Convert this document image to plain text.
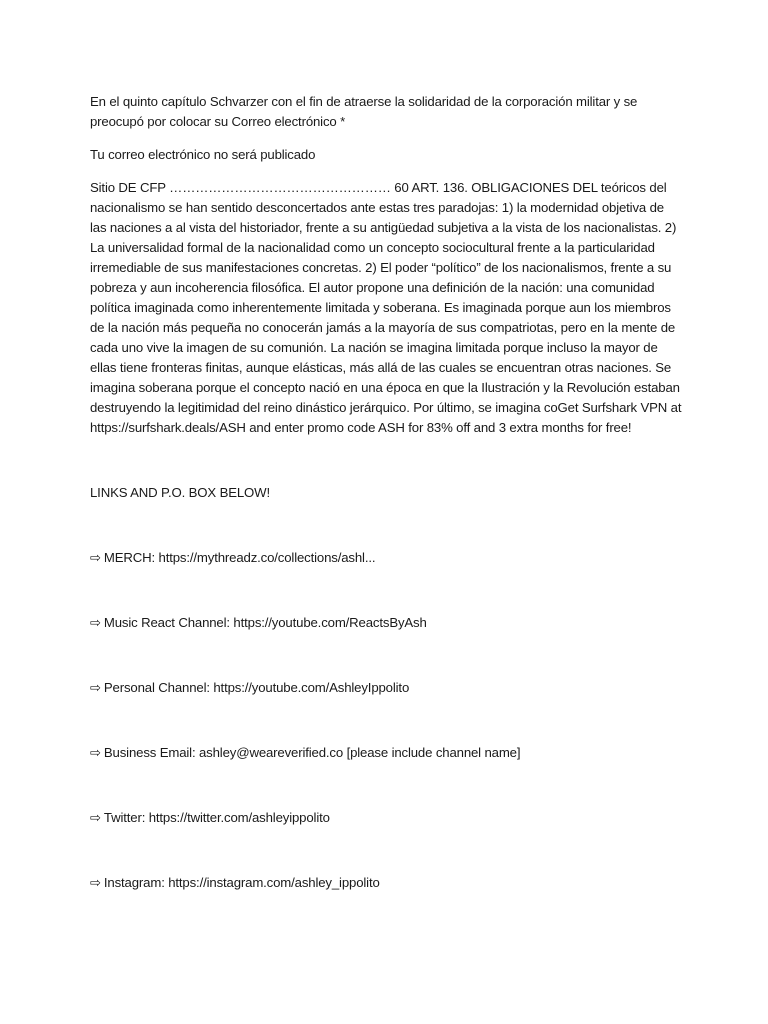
En el quinto capítulo Schvarzer con el fin de atraerse la solidaridad de la corporación militar y se preocupó por colocar su Correo electrónico *

Tu correo electrónico no será publicado

Sitio DE CFP …………………………………………… 60 ART. 136. OBLIGACIONES DEL teóricos del nacionalismo se han sentido desconcertados ante estas tres paradojas: 1) la modernidad objetiva de las naciones a al vista del historiador, frente a su antigüedad subjetiva a la vista de los nacionalistas. 2) La universalidad formal de la nacionalidad como un concepto sociocultural frente a la particularidad irremediable de sus manifestaciones concretas. 2) El poder “político” de los nacionalismos, frente a su pobreza y aun incoherencia filosófica. El autor propone una definición de la nación: una comunidad política imaginada como inherentemente limitada y soberana. Es imaginada porque aun los miembros de la nación más pequeña no conocerán jamás a la mayoría de sus compatriotas, pero en la mente de cada uno vive la imagen de su comunión. La nación se imagina limitada porque incluso la mayor de ellas tiene fronteras finitas, aunque elásticas, más allá de las cuales se encuentran otras naciones. Se imagina soberana porque el concepto nació en una época en que la Ilustración y la Revolución estaban destruyendo la legitimidad del reino dinástico jerárquico. Por último, se imagina coGet Surfshark VPN at https://surfshark.deals/ASH and enter promo code ASH for 83% off and 3 extra months for free!

LINKS AND P.O. BOX BELOW!

⇨ MERCH: https://mythreadz.co/collections/ashl...

⇨ Music React Channel: https://youtube.com/ReactsByAsh

⇨ Personal Channel: https://youtube.com/AshleyIppolito

⇨ Business Email: ashley@weareverified.co [please include channel name]

⇨ Twitter: https://twitter.com/ashleyippolito

⇨ Instagram: https://instagram.com/ashley_ippolito
